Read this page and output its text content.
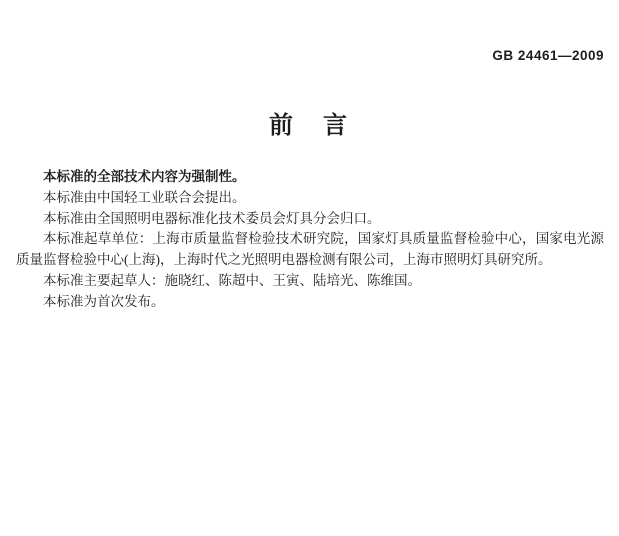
GB 24461—2009
前　言

本标准的全部技术内容为强制性。

本标准由中国轻工业联合会提出。

本标准由全国照明电器标准化技术委员会灯具分会归口。

本标准起草单位：上海市质量监督检验技术研究院，国家灯具质量监督检验中心，国家电光源质量监督检验中心(上海)，上海时代之光照明电器检测有限公司，上海市照明灯具研究所。

本标准主要起草人：施晓红、陈超中、王寅、陆培光、陈维国。

本标准为首次发布。
